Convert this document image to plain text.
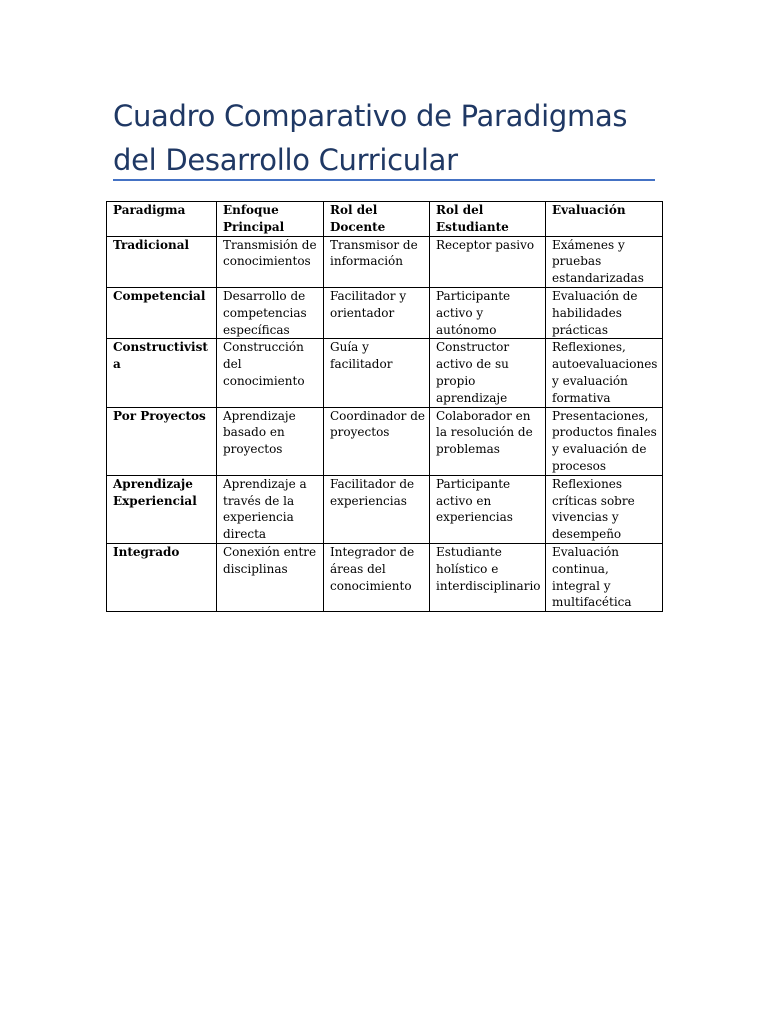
Cuadro Comparativo de Paradigmas
del Desarrollo Curricular
Paradigma	Enfoque Principal	Rol del Docente	Rol del Estudiante	Evaluación
Tradicional	Transmisión de conocimientos	Transmisor de información	Receptor pasivo	Exámenes y pruebas estandarizadas
Competencial	Desarrollo de competencias específicas	Facilitador y orientador	Participante activo y autónomo	Evaluación de habilidades prácticas
Constructivista	Construcción del conocimiento	Guía y facilitador	Constructor activo de su propio aprendizaje	Reflexiones, autoevaluaciones y evaluación formativa
Por Proyectos	Aprendizaje basado en proyectos	Coordinador de proyectos	Colaborador en la resolución de problemas	Presentaciones, productos finales y evaluación de procesos
Aprendizaje Experiencial	Aprendizaje a través de la experiencia directa	Facilitador de experiencias	Participante activo en experiencias	Reflexiones críticas sobre vivencias y desempeño
Integrado	Conexión entre disciplinas	Integrador de áreas del conocimiento	Estudiante holístico e interdisciplinario	Evaluación continua, integral y multifacética
